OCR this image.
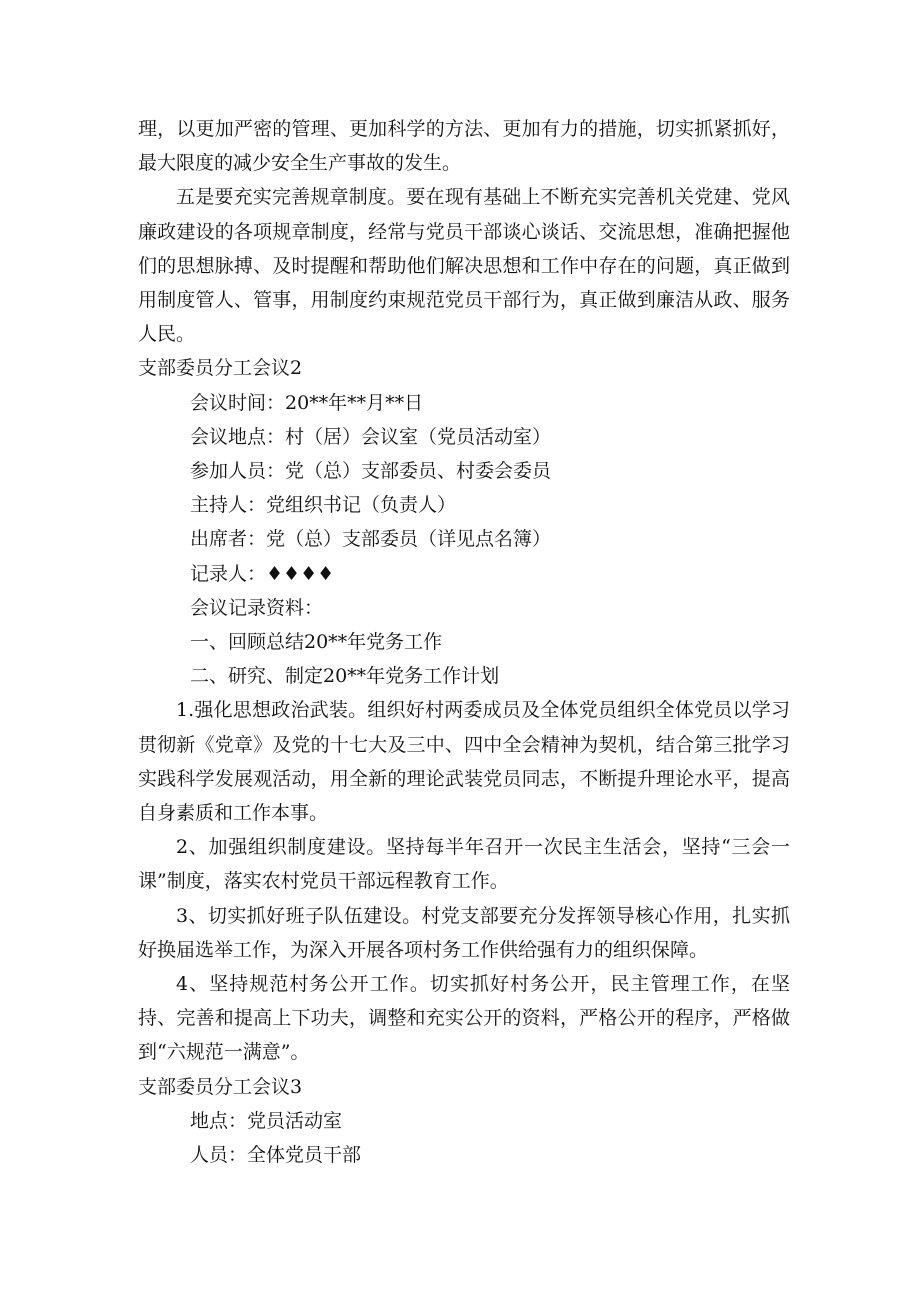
理，以更加严密的管理、更加科学的方法、更加有力的措施，切实抓紧抓好，最大限度的减少安全生产事故的发生。

五是要充实完善规章制度。要在现有基础上不断充实完善机关党建、党风廉政建设的各项规章制度，经常与党员干部谈心谈话、交流思想，准确把握他们的思想脉搏、及时提醒和帮助他们解决思想和工作中存在的问题，真正做到用制度管人、管事，用制度约束规范党员干部行为，真正做到廉洁从政、服务人民。

支部委员分工会议2

会议时间：20**年**月**日

会议地点：村（居）会议室（党员活动室）

参加人员：党（总）支部委员、村委会委员

主持人：党组织书记（负责人）

出席者：党（总）支部委员（详见点名簿）

记录人：♦♦♦♦

会议记录资料：

一、回顾总结20**年党务工作

二、研究、制定20**年党务工作计划

1.强化思想政治武装。组织好村两委成员及全体党员组织全体党员以学习贯彻新《党章》及党的十七大及三中、四中全会精神为契机，结合第三批学习实践科学发展观活动，用全新的理论武装党员同志，不断提升理论水平，提高自身素质和工作本事。

2、加强组织制度建设。坚持每半年召开一次民主生活会，坚持“三会一课”制度，落实农村党员干部远程教育工作。

3、切实抓好班子队伍建设。村党支部要充分发挥领导核心作用，扎实抓好换届选举工作，为深入开展各项村务工作供给强有力的组织保障。

4、坚持规范村务公开工作。切实抓好村务公开，民主管理工作，在坚持、完善和提高上下功夫，调整和充实公开的资料，严格公开的程序，严格做到“六规范一满意”。

支部委员分工会议3

地点：党员活动室

人员：全体党员干部
